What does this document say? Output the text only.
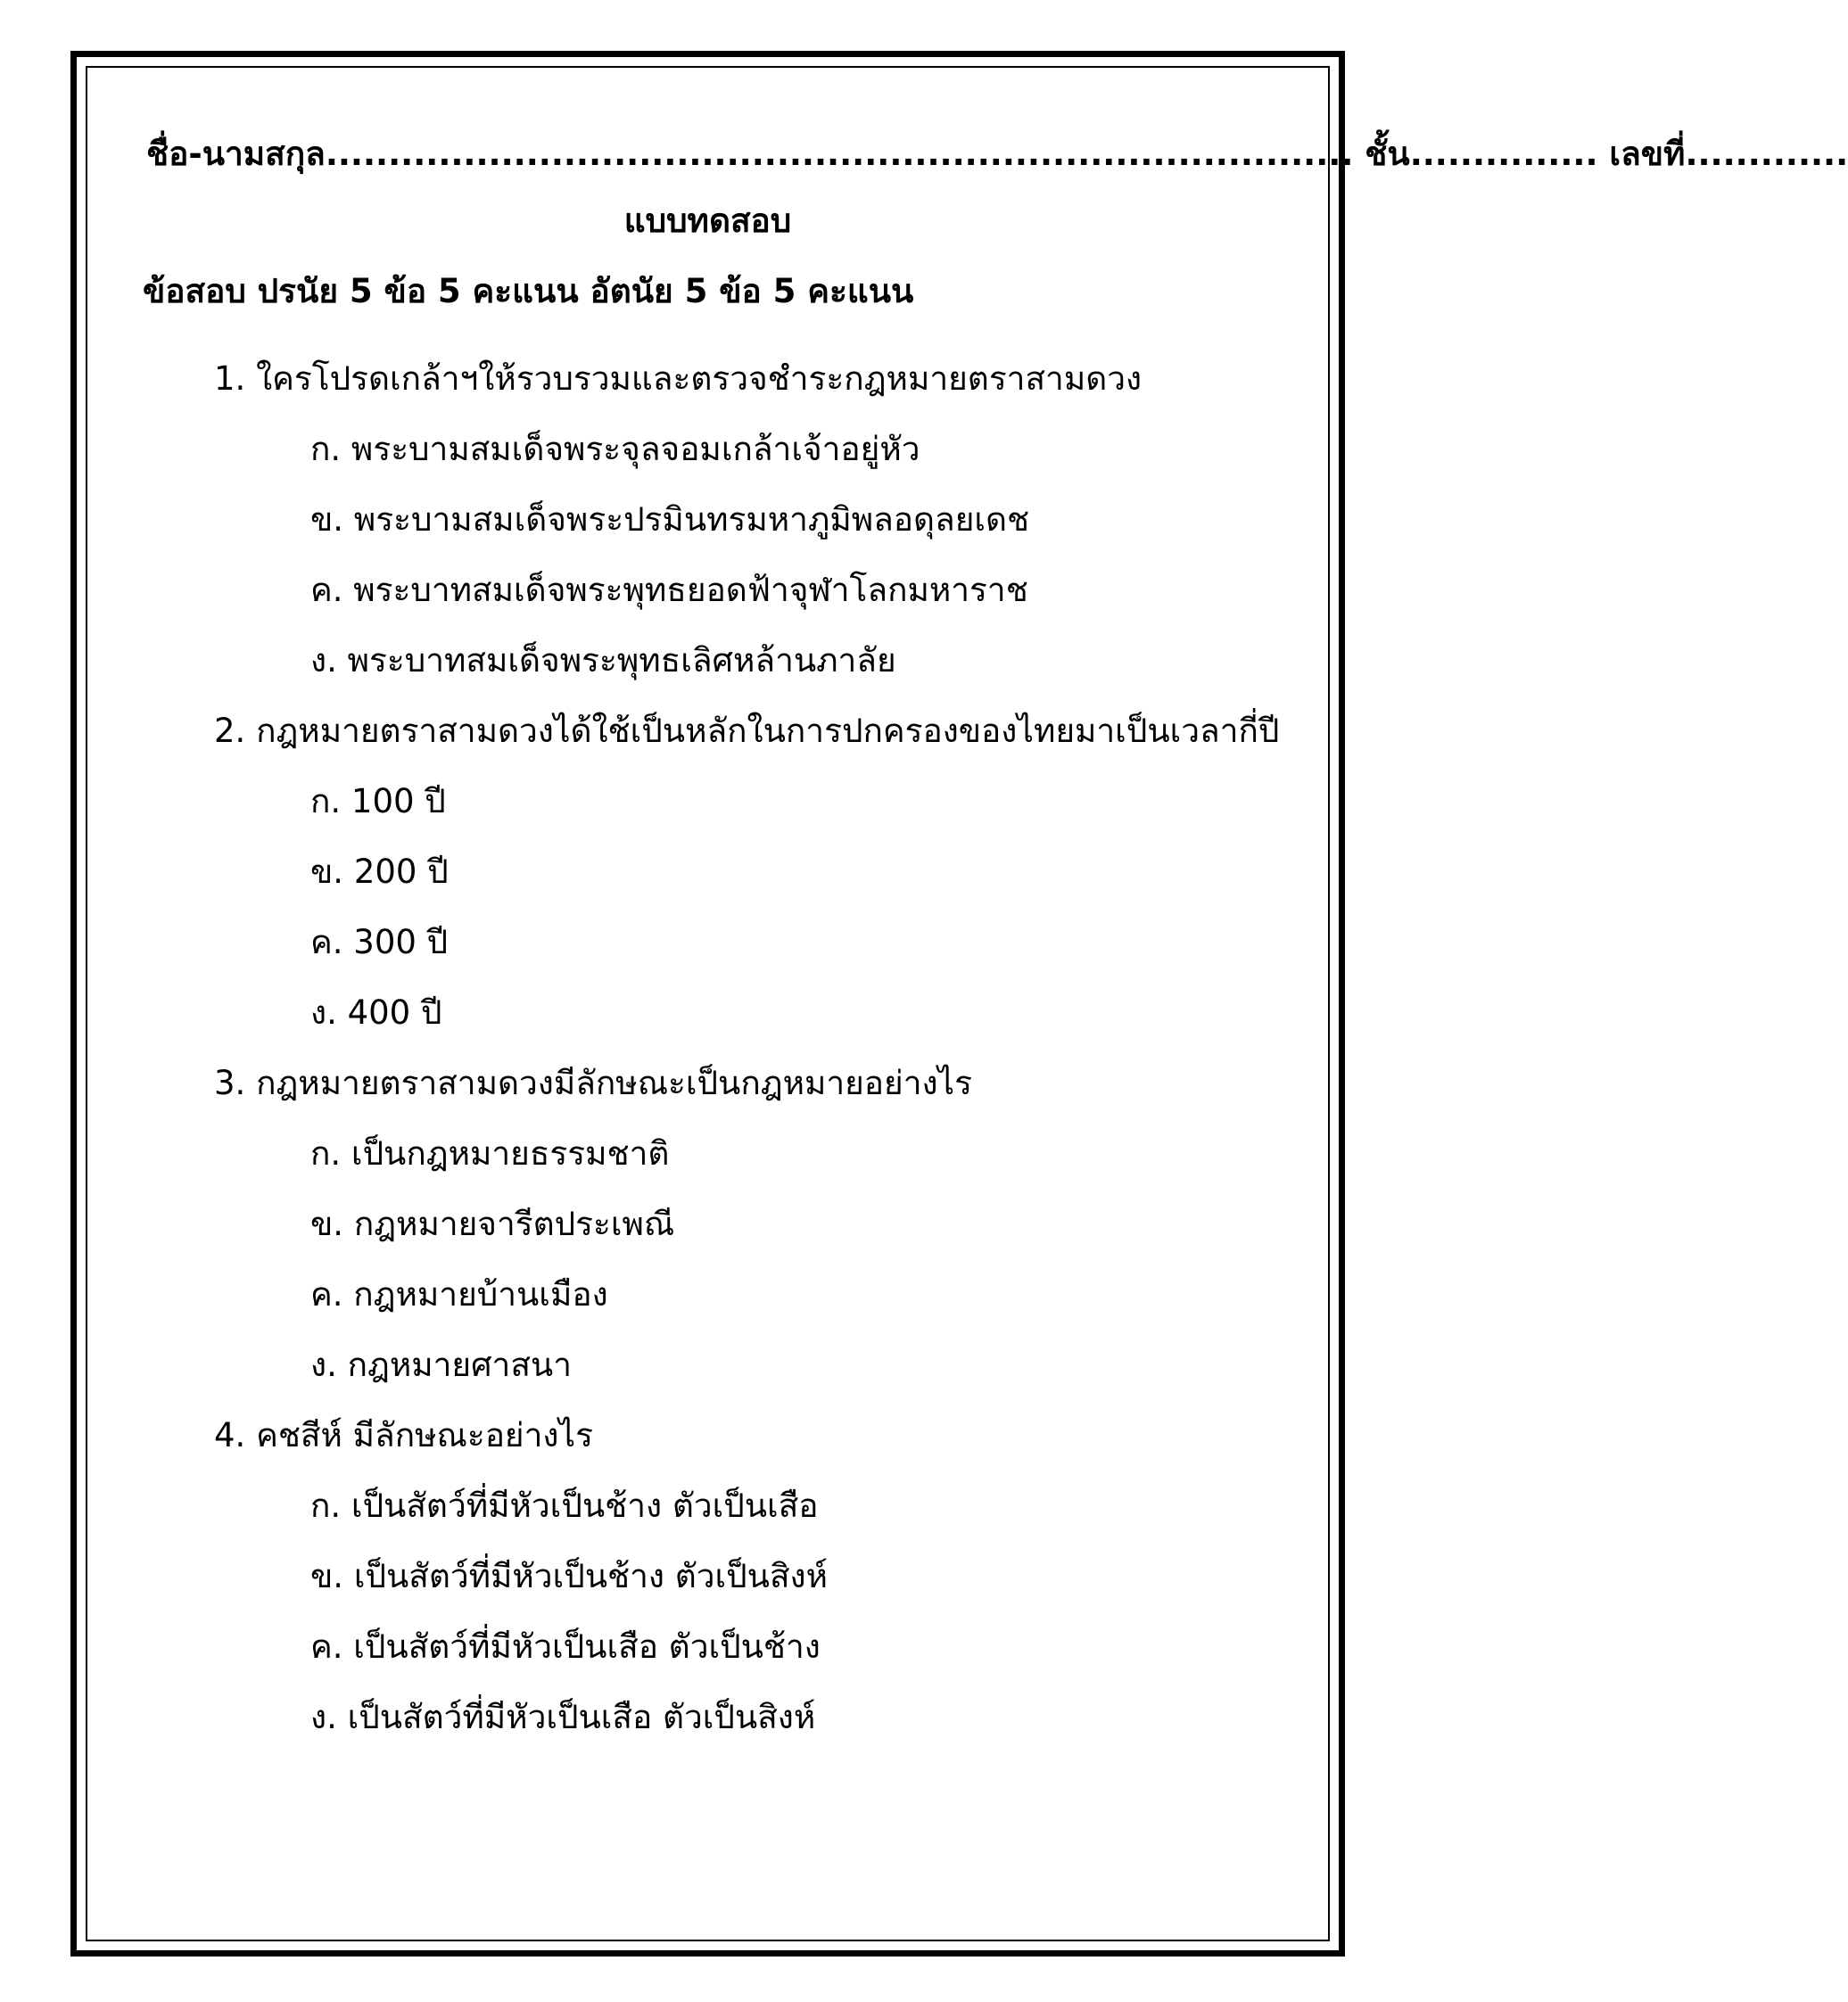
ชื่อ-นามสกุล.................................................................................. ชั้น............... เลขที่.............
แบบทดสอบ
ข้อสอบ ปรนัย 5 ข้อ 5 คะแนน อัตนัย 5 ข้อ 5 คะแนน
1. ใครโปรดเกล้าฯให้รวบรวมและตรวจชำระกฎหมายตราสามดวง
ก. พระบามสมเด็จพระจุลจอมเกล้าเจ้าอยู่หัว
ข. พระบามสมเด็จพระปรมินทรมหาภูมิพลอดุลยเดช
ค. พระบาทสมเด็จพระพุทธยอดฟ้าจุฬาโลกมหาราช
ง. พระบาทสมเด็จพระพุทธเลิศหล้านภาลัย
2. กฎหมายตราสามดวงได้ใช้เป็นหลักในการปกครองของไทยมาเป็นเวลากี่ปี
ก. 100 ปี
ข. 200 ปี
ค. 300 ปี
ง. 400 ปี
3. กฎหมายตราสามดวงมีลักษณะเป็นกฎหมายอย่างไร
ก. เป็นกฎหมายธรรมชาติ
ข. กฎหมายจารีตประเพณี
ค. กฎหมายบ้านเมือง
ง. กฎหมายศาสนา
4. คชสีห์ มีลักษณะอย่างไร
ก. เป็นสัตว์ที่มีหัวเป็นช้าง ตัวเป็นเสือ
ข. เป็นสัตว์ที่มีหัวเป็นช้าง ตัวเป็นสิงห์
ค. เป็นสัตว์ที่มีหัวเป็นเสือ ตัวเป็นช้าง
ง. เป็นสัตว์ที่มีหัวเป็นเสือ ตัวเป็นสิงห์
